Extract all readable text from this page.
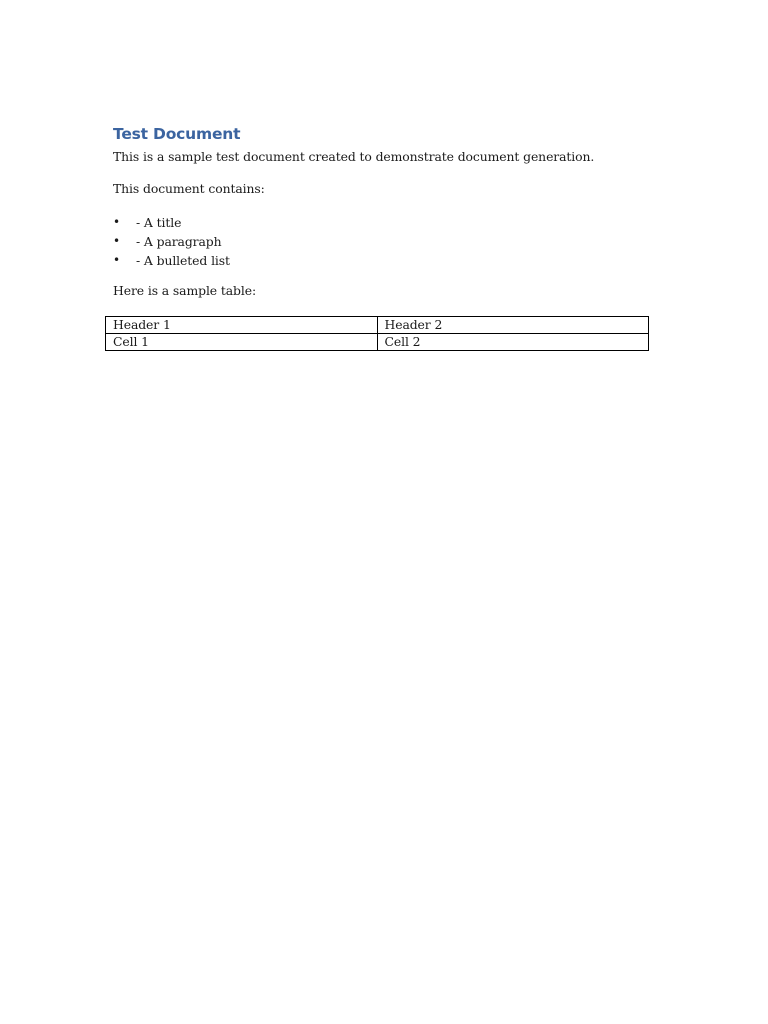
Test Document

This is a sample test document created to demonstrate document generation.

This document contains:

• - A title
• - A paragraph
• - A bulleted list

Here is a sample table:

Header 1	Header 2
Cell 1	Cell 2
